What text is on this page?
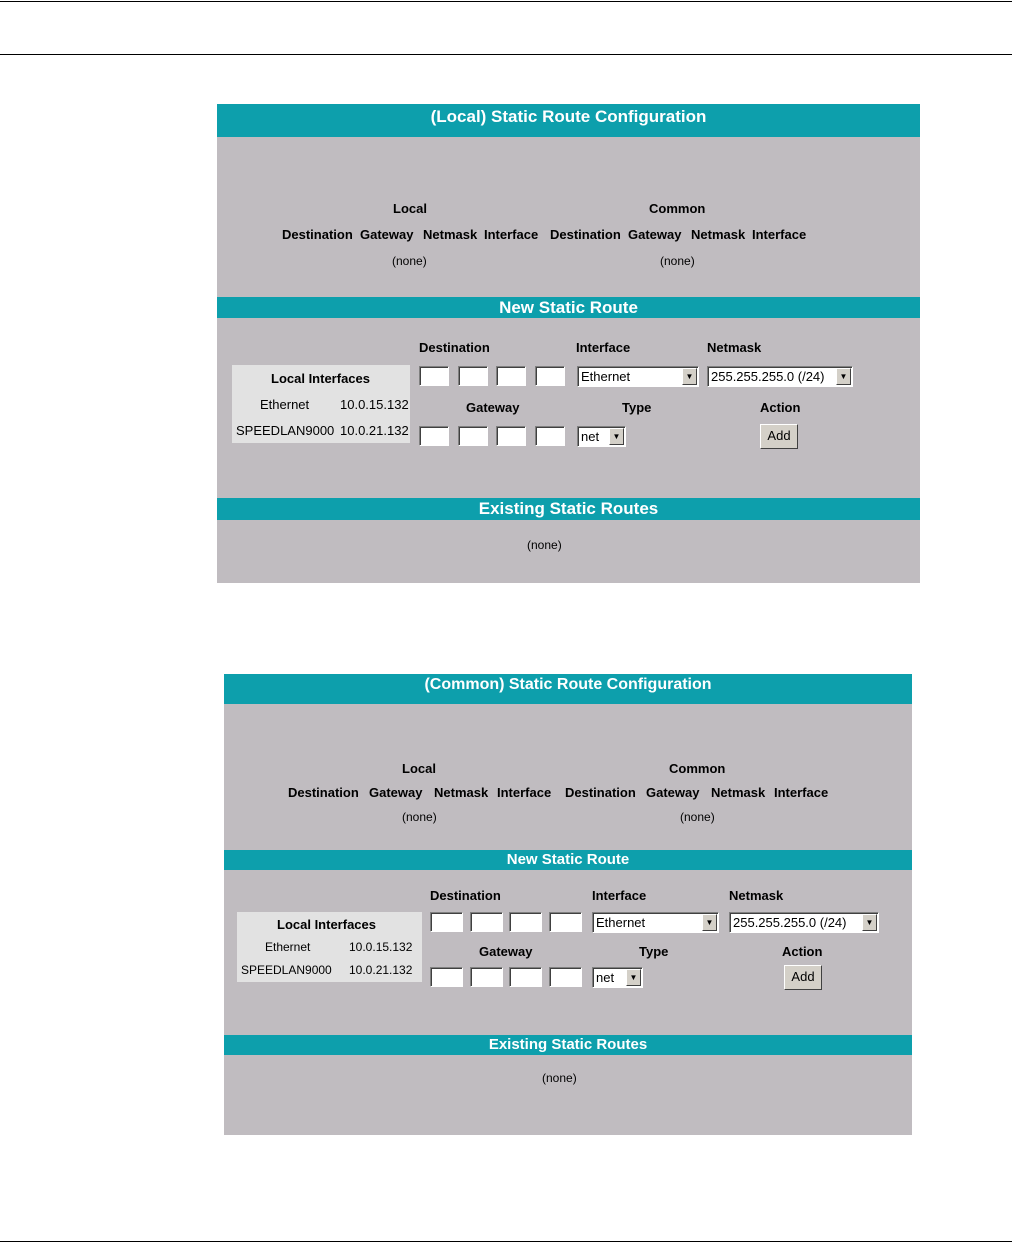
(Local) Static Route Configuration
Local	Common
Destination Gateway Netmask Interface Destination Gateway Netmask Interface
(none)	(none)
New Static Route
Local Interfaces
Ethernet 10.0.15.132
SPEEDLAN9000 10.0.21.132
Destination	Interface	Netmask
Ethernet	▼	255.255.255.0 (/24)	▼
Gateway	Type	Action
net	▼	Add
Existing Static Routes
(none)
(Common) Static Route Configuration
Local	Common
Destination Gateway Netmask Interface Destination Gateway Netmask Interface
(none)	(none)
New Static Route
Local Interfaces
Ethernet	10.0.15.132
SPEEDLAN9000 10.0.21.132
Destination	Interface	Netmask
Ethernet	▼	255.255.255.0 (/24)	▼
Gateway	Type	Action
net	▼	Add
Existing Static Routes
(none)
